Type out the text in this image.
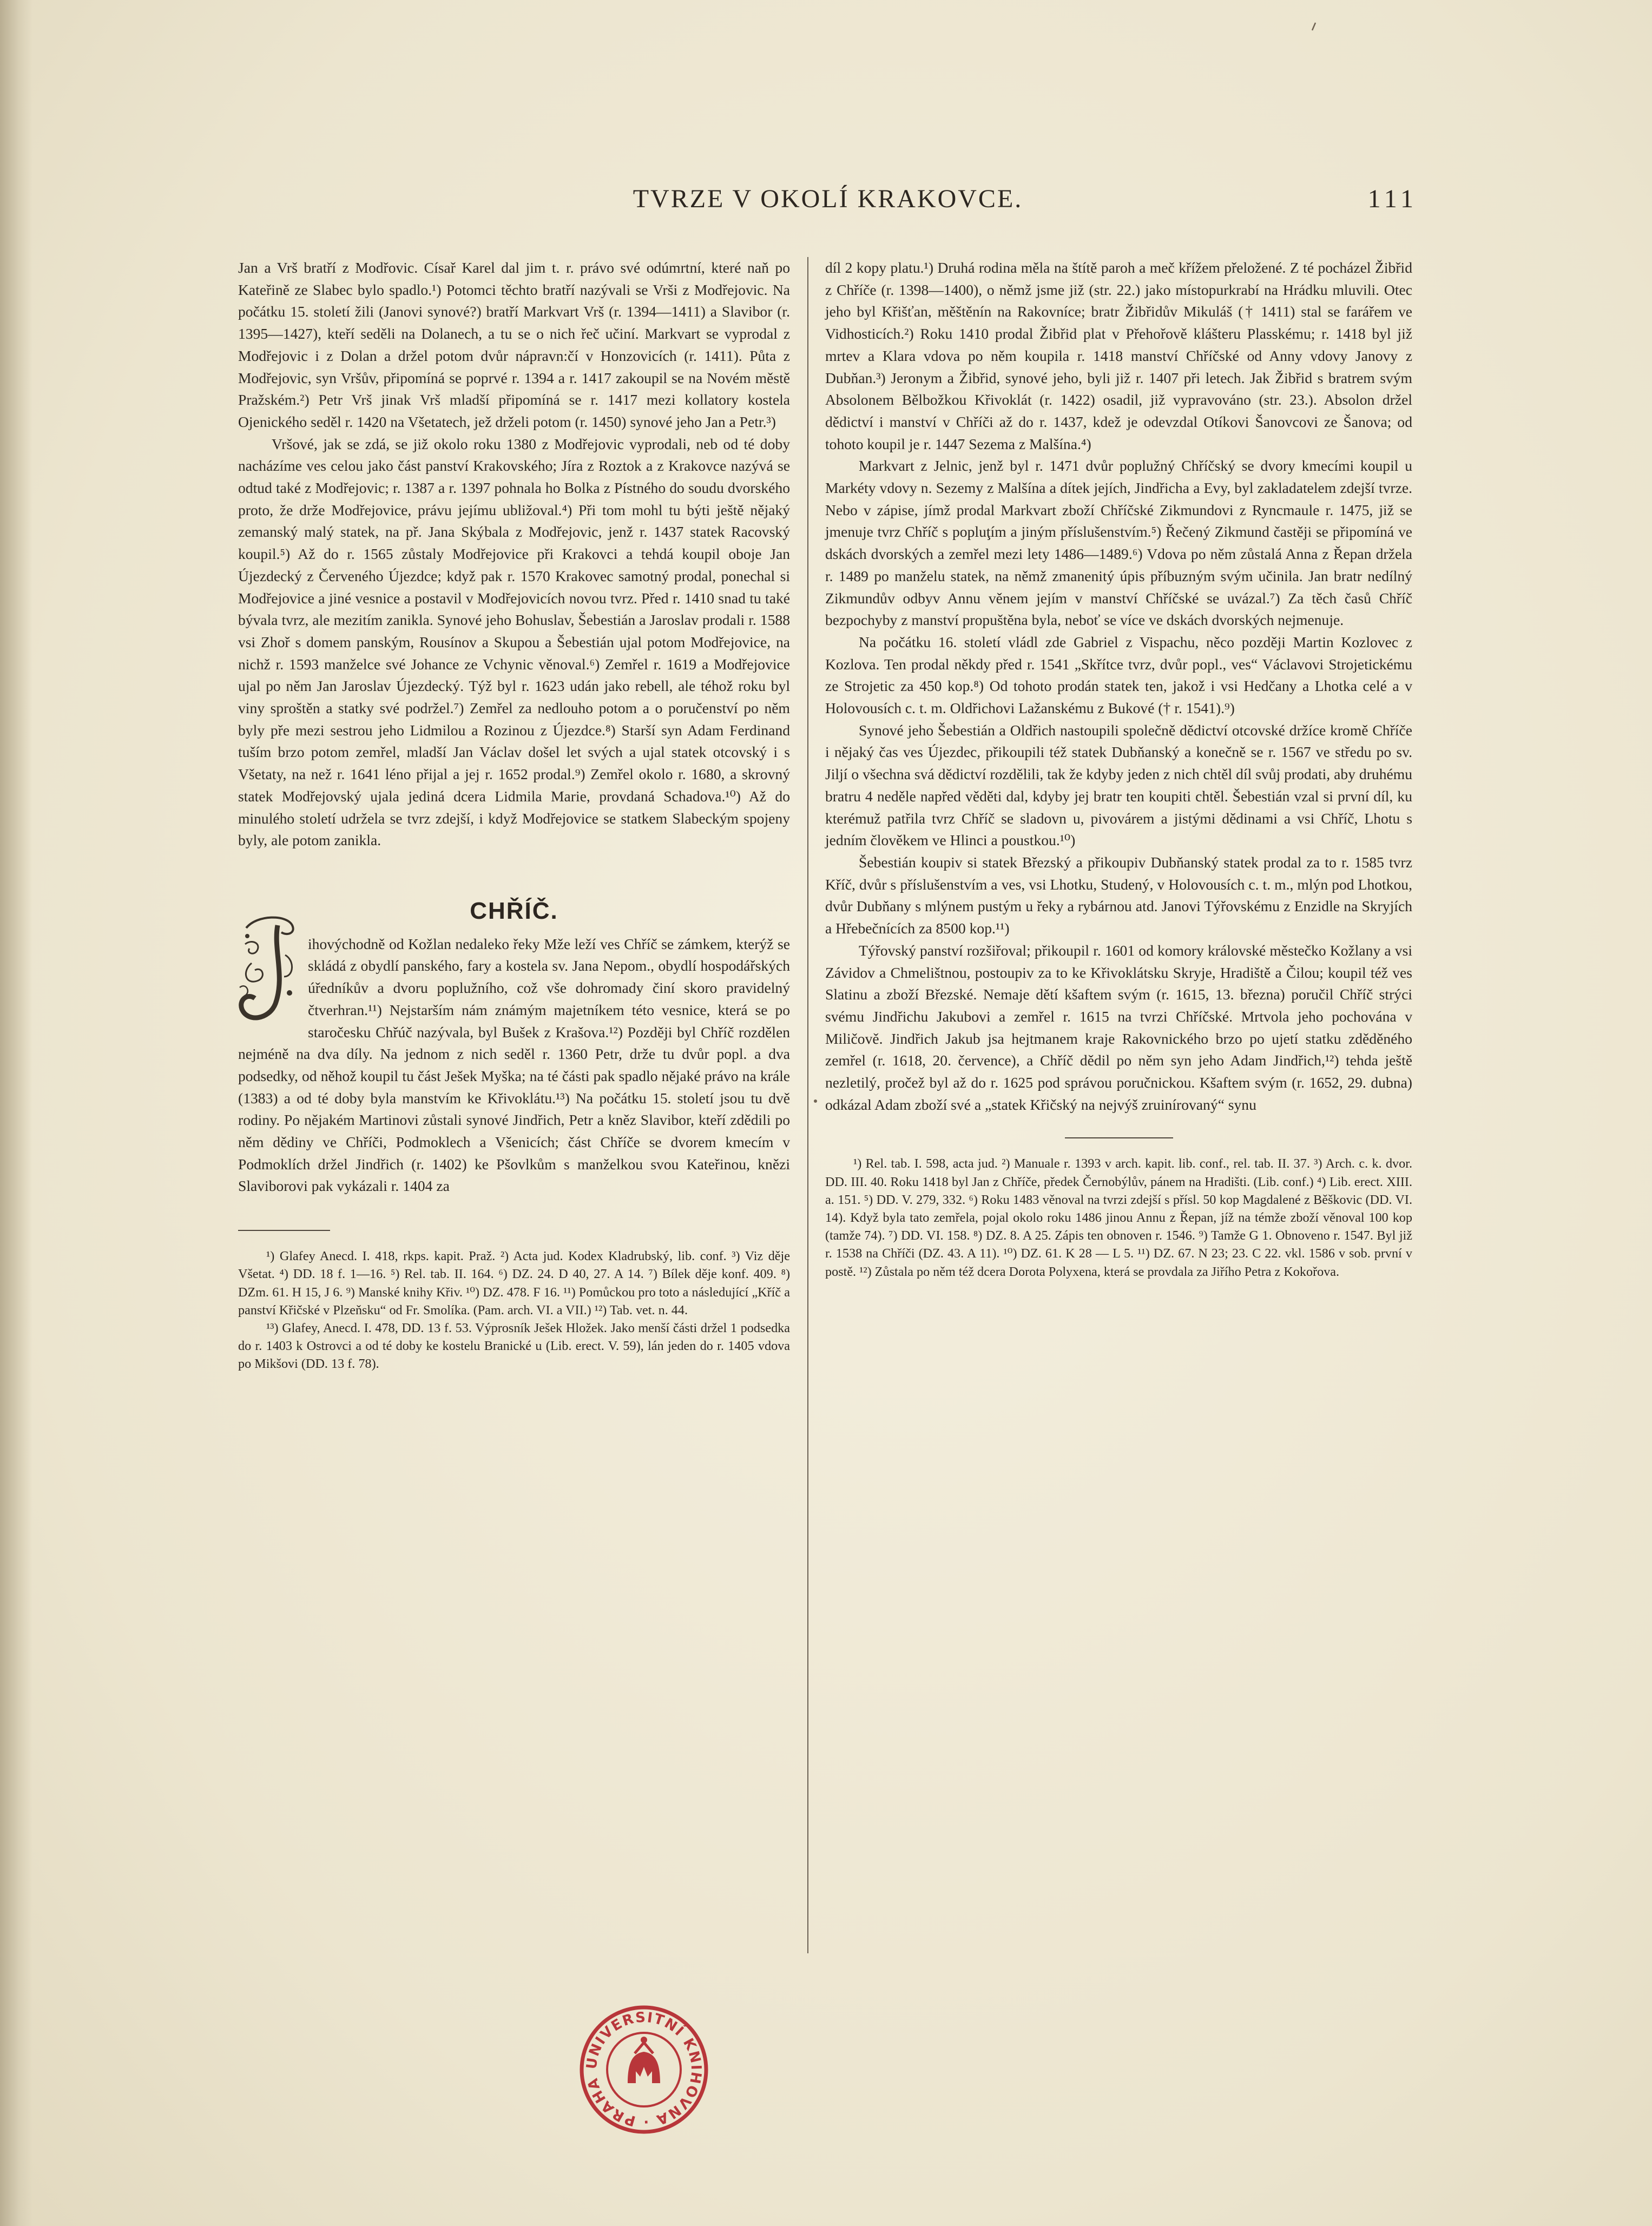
TVRZE V OKOLÍ KRAKOVCE.	111

Jan a Vrš bratří z Modřovic. Císař Karel dal jim t. r. právo své odúmrtní, které naň po Kateřině ze Slabec bylo spadlo.¹) Potomci těchto bratří nazývali se Vrši z Modřejovic. Na počátku 15. století žili (Janovi synové?) bratří Markvart Vrš (r. 1394—1411) a Slavibor (r. 1395—1427), kteří seděli na Dolanech, a tu se o nich řeč učiní. Markvart se vyprodal z Modřejovic i z Dolan a držel potom dvůr nápravn:čí v Honzovicích (r. 1411). Půta z Modřejovic, syn Vršův, připomíná se poprvé r. 1394 a r. 1417 zakoupil se na Novém městě Pražském.²) Petr Vrš jinak Vrš mladší připomíná se r. 1417 mezi kollatory kostela Ojenického seděl r. 1420 na Všetatech, jež drželi potom (r. 1450) synové jeho Jan a Petr.³)

Vršové, jak se zdá, se již okolo roku 1380 z Modřejovic vyprodali, neb od té doby nacházíme ves celou jako část panství Krakovského; Jíra z Roztok a z Krakovce nazývá se odtud také z Modřejovic; r. 1387 a r. 1397 pohnala ho Bolka z Pístného do soudu dvorského proto, že drže Modřejovice, právu jejímu ubližoval.⁴) Při tom mohl tu býti ještě nějaký zemanský malý statek, na př. Jana Skýbala z Modřejovic, jenž r. 1437 statek Racovský koupil.⁵) Až do r. 1565 zůstaly Modřejovice při Krakovci a tehdá koupil oboje Jan Újezdecký z Červeného Újezdce; když pak r. 1570 Krakovec samotný prodal, ponechal si Modřejovice a jiné vesnice a postavil v Modřejovicích novou tvrz. Před r. 1410 snad tu také bývala tvrz, ale mezitím zanikla. Synové jeho Bohuslav, Šebestián a Jaroslav prodali r. 1588 vsi Zhoř s domem panským, Rousínov a Skupou a Šebestián ujal potom Modřejovice, na nichž r. 1593 manželce své Johance ze Vchynic věnoval.⁶) Zemřel r. 1619 a Modřejovice ujal po něm Jan Jaroslav Újezdecký. Týž byl r. 1623 udán jako rebell, ale téhož roku byl viny sproštěn a statky své podržel.⁷) Zemřel za nedlouho potom a o poručenství po něm byly pře mezi sestrou jeho Lidmilou a Rozinou z Újezdce.⁸) Starší syn Adam Ferdinand tuším brzo potom zemřel, mladší Jan Václav došel let svých a ujal statek otcovský i s Všetaty, na než r. 1641 léno přijal a jej r. 1652 prodal.⁹) Zemřel okolo r. 1680, a skrovný statek Modřejovský ujala jediná dcera Lidmila Marie, provdaná Schadova.¹⁰) Až do minulého století udržela se tvrz zdejší, i když Modřejovice se statkem Slabeckým spojeny byly, ale potom zanikla.

CHŘÍČ.

ihovýchodně od Kožlan nedaleko řeky Mže leží ves Chříč se zámkem, kterýž se skládá z obydlí panského, fary a kostela sv. Jana Nepom., obydlí hospodářských úředníkův a dvoru poplužního, což vše dohromady činí skoro pravidelný čtverhran.¹¹) Nejstarším nám známým majetníkem této vesnice, která se po staročesku Chřúč nazývala, byl Bušek z Krašova.¹²) Později byl Chříč rozdělen nejméně na dva díly. Na jednom z nich seděl r. 1360 Petr, drže tu dvůr popl. a dva podsedky, od něhož koupil tu část Ješek Myška; na té části pak spadlo nějaké právo na krále (1383) a od té doby byla manstvím ke Křivoklátu.¹³) Na počátku 15. století jsou tu dvě rodiny. Po nějakém Martinovi zůstali synové Jindřich, Petr a kněz Slavibor, kteří zdědili po něm dědiny ve Chříči, Podmoklech a Všenicích; část Chříče se dvorem kmecím v Podmoklích držel Jindřich (r. 1402) ke Pšovlkům s manželkou svou Kateřinou, knězi Slaviborovi pak vykázali r. 1404 za

¹) Glafey Anecd. I. 418, rkps. kapit. Praž. ²) Acta jud. Kodex Kladrubský, lib. conf. ³) Viz děje Všetat. ⁴) DD. 18 f. 1—16. ⁵) Rel. tab. II. 164. ⁶) DZ. 24. D 40, 27. A 14. ⁷) Bílek děje konf. 409. ⁸) DZm. 61. H 15, J 6. ⁹) Manské knihy Křiv. ¹⁰) DZ. 478. F 16. ¹¹) Pomůckou pro toto a následující „Kříč a panství Křičské v Plzeňsku“ od Fr. Smolíka. (Pam. arch. VI. a VII.) ¹²) Tab. vet. n. 44.

¹³) Glafey, Anecd. I. 478, DD. 13 f. 53. Výprosník Ješek Hložek. Jako menší části držel 1 podsedka do r. 1403 k Ostrovci a od té doby ke kostelu Branické u (Lib. erect. V. 59), lán jeden do r. 1405 vdova po Mikšovi (DD. 13 f. 78).

díl 2 kopy platu.¹) Druhá rodina měla na štítě paroh a meč křížem přeložené. Z té pocházel Žibřid z Chříče (r. 1398—1400), o němž jsme již (str. 22.) jako místopurkrabí na Hrádku mluvili. Otec jeho byl Křišťan, měštěnín na Rakovníce; bratr Žibřidův Mikuláš († 1411) stal se farářem ve Vidhosticích.²) Roku 1410 prodal Žibřid plat v Přehořově klášteru Plasskému; r. 1418 byl již mrtev a Klara vdova po něm koupila r. 1418 manství Chříčské od Anny vdovy Janovy z Dubňan.³) Jeronym a Žibřid, synové jeho, byli již r. 1407 při letech. Jak Žibřid s bratrem svým Absolonem Bělbožkou Křivoklát (r. 1422) osadil, již vypravováno (str. 23.). Absolon držel dědictví i manství v Chříči až do r. 1437, kdež je odevzdal Otíkovi Šanovcovi ze Šanova; od tohoto koupil je r. 1447 Sezema z Malšína.⁴)

Markvart z Jelnic, jenž byl r. 1471 dvůr poplužný Chříčský se dvory kmecími koupil u Markéty vdovy n. Sezemy z Malšína a dítek jejích, Jindřicha a Evy, byl zakladatelem zdejší tvrze. Nebo v zápise, jímž prodal Markvart zboží Chříčské Zikmundovi z Ryncmaule r. 1475, již se jmenuje tvrz Chříč s popluţím a jiným příslušenstvím.⁵) Řečený Zikmund častěji se připomíná ve dskách dvorských a zemřel mezi lety 1486—1489.⁶) Vdova po něm zůstalá Anna z Řepan držela r. 1489 po manželu statek, na němž zmanenitý úpis příbuzným svým učinila. Jan bratr nedílný Zikmundův odbyv Annu věnem jejím v manství Chříčské se uvázal.⁷) Za těch časů Chříč bezpochyby z manství propuštěna byla, neboť se více ve dskách dvorských nejmenuje.

Na počátku 16. století vládl zde Gabriel z Vispachu, něco později Martin Kozlovec z Kozlova. Ten prodal někdy před r. 1541 „Skřítce tvrz, dvůr popl., ves“ Václavovi Strojetickému ze Strojetic za 450 kop.⁸) Od tohoto prodán statek ten, jakož i vsi Hedčany a Lhotka celé a v Holovousích c. t. m. Oldřichovi Lažanskému z Bukové († r. 1541).⁹)

Synové jeho Šebestián a Oldřich nastoupili společně dědictví otcovské držíce kromě Chříče i nějaký čas ves Újezdec, přikoupili též statek Dubňanský a konečně se r. 1567 ve středu po sv. Jiljí o všechna svá dědictví rozdělili, tak že kdyby jeden z nich chtěl díl svůj prodati, aby druhému bratru 4 neděle napřed věděti dal, kdyby jej bratr ten koupiti chtěl. Šebestián vzal si první díl, ku kterémuž patřila tvrz Chříč se sladovn u, pivovárem a jistými dědinami a vsi Chříč, Lhotu s jedním člověkem ve Hlinci a poustkou.¹⁰)

Šebestián koupiv si statek Březský a přikoupiv Dubňanský statek prodal za to r. 1585 tvrz Kříč, dvůr s příslušenstvím a ves, vsi Lhotku, Studený, v Holovousích c. t. m., mlýn pod Lhotkou, dvůr Dubňany s mlýnem pustým u řeky a rybárnou atd. Janovi Týřovskému z Enzidle na Skryjích a Hřebečnících za 8500 kop.¹¹)

Týřovský panství rozšiřoval; přikoupil r. 1601 od komory královské městečko Kožlany a vsi Závidov a Chmelištnou, postoupiv za to ke Křivoklátsku Skryje, Hradiště a Čilou; koupil též ves Slatinu a zboží Březské. Nemaje dětí kšaftem svým (r. 1615, 13. března) poručil Chříč strýci svému Jindřichu Jakubovi a zemřel r. 1615 na tvrzi Chříčské. Mrtvola jeho pochována v Miličově. Jindřich Jakub jsa hejtmanem kraje Rakovnického brzo po ujetí statku zděděného zemřel (r. 1618, 20. července), a Chříč dědil po něm syn jeho Adam Jindřich,¹²) tehda ještě nezletilý, pročež byl až do r. 1625 pod správou poručnickou. Kšaftem svým (r. 1652, 29. dubna) odkázal Adam zboží své a „statek Křičský na nejvýš zruinírovaný“ synu

¹) Rel. tab. I. 598, acta jud. ²) Manuale r. 1393 v arch. kapit. lib. conf., rel. tab. II. 37. ³) Arch. c. k. dvor. DD. III. 40. Roku 1418 byl Jan z Chříče, předek Černobýlův, pánem na Hradišti. (Lib. conf.) ⁴) Lib. erect. XIII. a. 151. ⁵) DD. V. 279, 332. ⁶) Roku 1483 věnoval na tvrzi zdejší s přísl. 50 kop Magdalené z Běškovic (DD. VI. 14). Když byla tato zemřela, pojal okolo roku 1486 jinou Annu z Řepan, jíž na témže zboží věnoval 100 kop (tamže 74). ⁷) DD. VI. 158. ⁸) DZ. 8. A 25. Zápis ten obnoven r. 1546. ⁹) Tamže G 1. Obnoveno r. 1547. Byl již r. 1538 na Chříči (DZ. 43. A 11). ¹⁰) DZ. 61. K 28 — L 5. ¹¹) DZ. 67. N 23; 23. C 22. vkl. 1586 v sob. první v postě. ¹²) Zůstala po něm též dcera Dorota Polyxena, která se provdala za Jiřího Petra z Kokořova.

UNIVERSITNÍ KNIHOVNA · PRAHA
